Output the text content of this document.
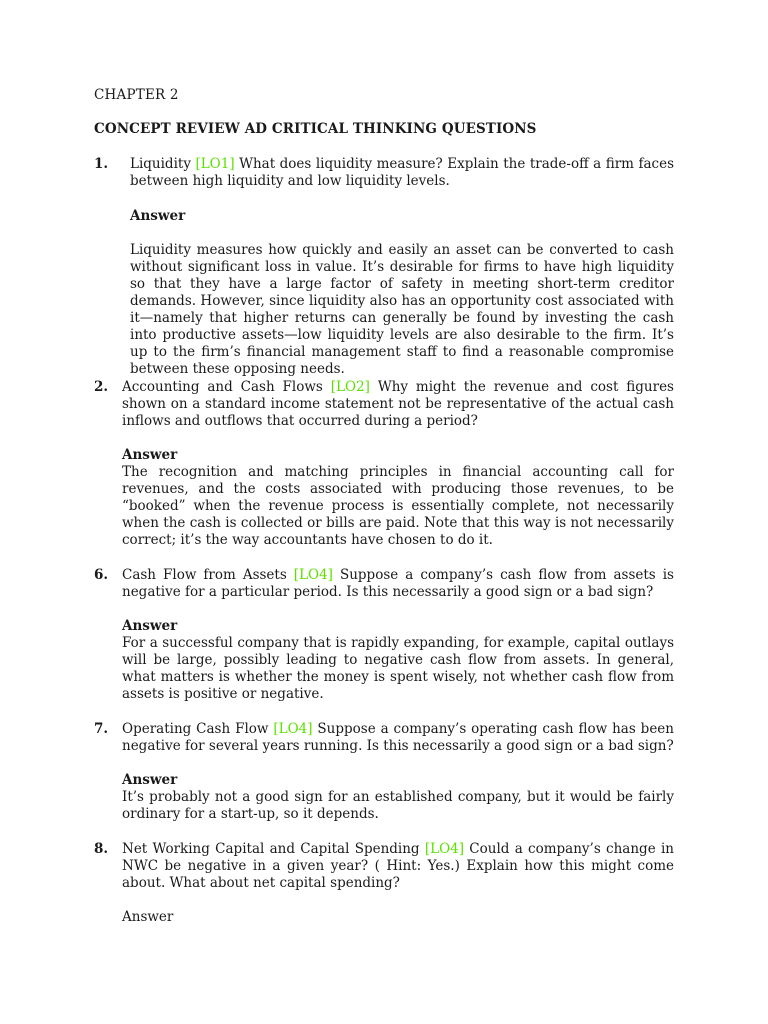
CHAPTER 2
CONCEPT REVIEW AD CRITICAL THINKING QUESTIONS
1. Liquidity [LO1] What does liquidity measure? Explain the trade-off a firm faces between high liquidity and low liquidity levels.
Answer
Liquidity measures how quickly and easily an asset can be converted to cash without significant loss in value. It’s desirable for firms to have high liquidity so that they have a large factor of safety in meeting short-term creditor demands. However, since liquidity also has an opportunity cost associated with it—namely that higher returns can generally be found by investing the cash into productive assets—low liquidity levels are also desirable to the firm. It’s up to the firm’s financial management staff to find a reasonable compromise between these opposing needs.
2. Accounting and Cash Flows [LO2] Why might the revenue and cost figures shown on a standard income statement not be representative of the actual cash inflows and outflows that occurred during a period?
Answer
The recognition and matching principles in financial accounting call for revenues, and the costs associated with producing those revenues, to be “booked” when the revenue process is essentially complete, not necessarily when the cash is collected or bills are paid. Note that this way is not necessarily correct; it’s the way accountants have chosen to do it.
6. Cash Flow from Assets [LO4] Suppose a company’s cash flow from assets is negative for a particular period. Is this necessarily a good sign or a bad sign?
Answer
For a successful company that is rapidly expanding, for example, capital outlays will be large, possibly leading to negative cash flow from assets. In general, what matters is whether the money is spent wisely, not whether cash flow from assets is positive or negative.
7. Operating Cash Flow [LO4] Suppose a company’s operating cash flow has been negative for several years running. Is this necessarily a good sign or a bad sign?
Answer
It’s probably not a good sign for an established company, but it would be fairly ordinary for a start-up, so it depends.
8. Net Working Capital and Capital Spending [LO4] Could a company’s change in NWC be negative in a given year? ( Hint: Yes.) Explain how this might come about. What about net capital spending?
Answer
